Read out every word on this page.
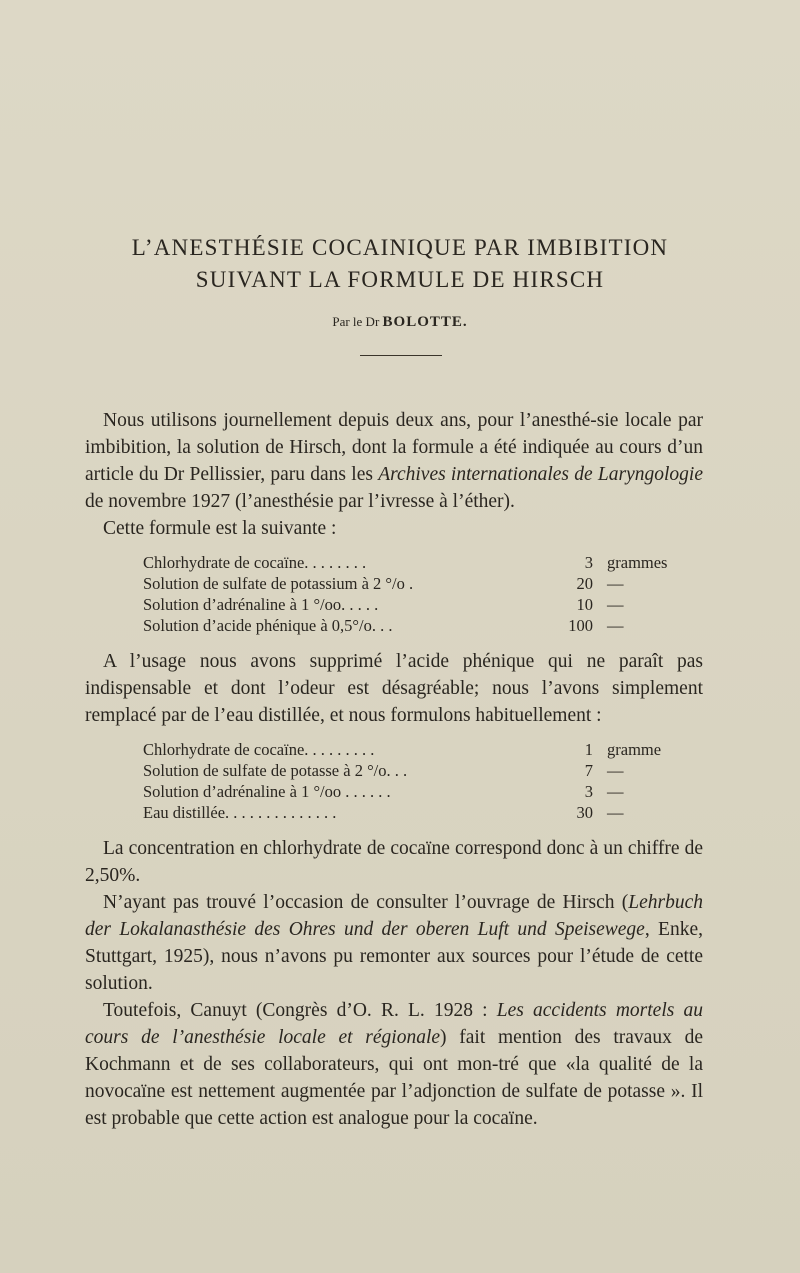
L’ANESTHÉSIE COCAINIQUE PAR IMBIBITION
SUIVANT LA FORMULE DE HIRSCH
Par le Dr BOLOTTE.

Nous utilisons journellement depuis deux ans, pour l’anesthé-sie locale par imbibition, la solution de Hirsch, dont la formule a été indiquée au cours d’un article du Dr Pellissier, paru dans les Archives internationales de Laryngologie de novembre 1927 (l’anesthésie par l’ivresse à l’éther).

Cette formule est la suivante :

Chlorhydrate de cocaïne. . . . . . . .	3 grammes
Solution de sulfate de potassium à 2 °/o .	20 —
Solution d’adrénaline à 1 °/oo. . . . .	10 —
Solution d’acide phénique à 0,5°/o. . .	100 —

A l’usage nous avons supprimé l’acide phénique qui ne paraît pas indispensable et dont l’odeur est désagréable; nous l’avons simplement remplacé par de l’eau distillée, et nous formulons habituellement :

Chlorhydrate de cocaïne. . . . . . . . .	1 gramme
Solution de sulfate de potasse à 2 °/o. . .	7 —
Solution d’adrénaline à 1 °/oo . . . . . .	3 —
Eau distillée. . . . . . . . . . . . . .	30 —

La concentration en chlorhydrate de cocaïne correspond donc à un chiffre de 2,50%.

N’ayant pas trouvé l’occasion de consulter l’ouvrage de Hirsch (Lehrbuch der Lokalanasthésie des Ohres und der oberen Luft und Speisewege, Enke, Stuttgart, 1925), nous n’avons pu remonter aux sources pour l’étude de cette solution.

Toutefois, Canuyt (Congrès d’O. R. L. 1928 : Les accidents mortels au cours de l’anesthésie locale et régionale) fait mention des travaux de Kochmann et de ses collaborateurs, qui ont mon-tré que «la qualité de la novocaïne est nettement augmentée par l’adjonction de sulfate de potasse ». Il est probable que cette action est analogue pour la cocaïne.
